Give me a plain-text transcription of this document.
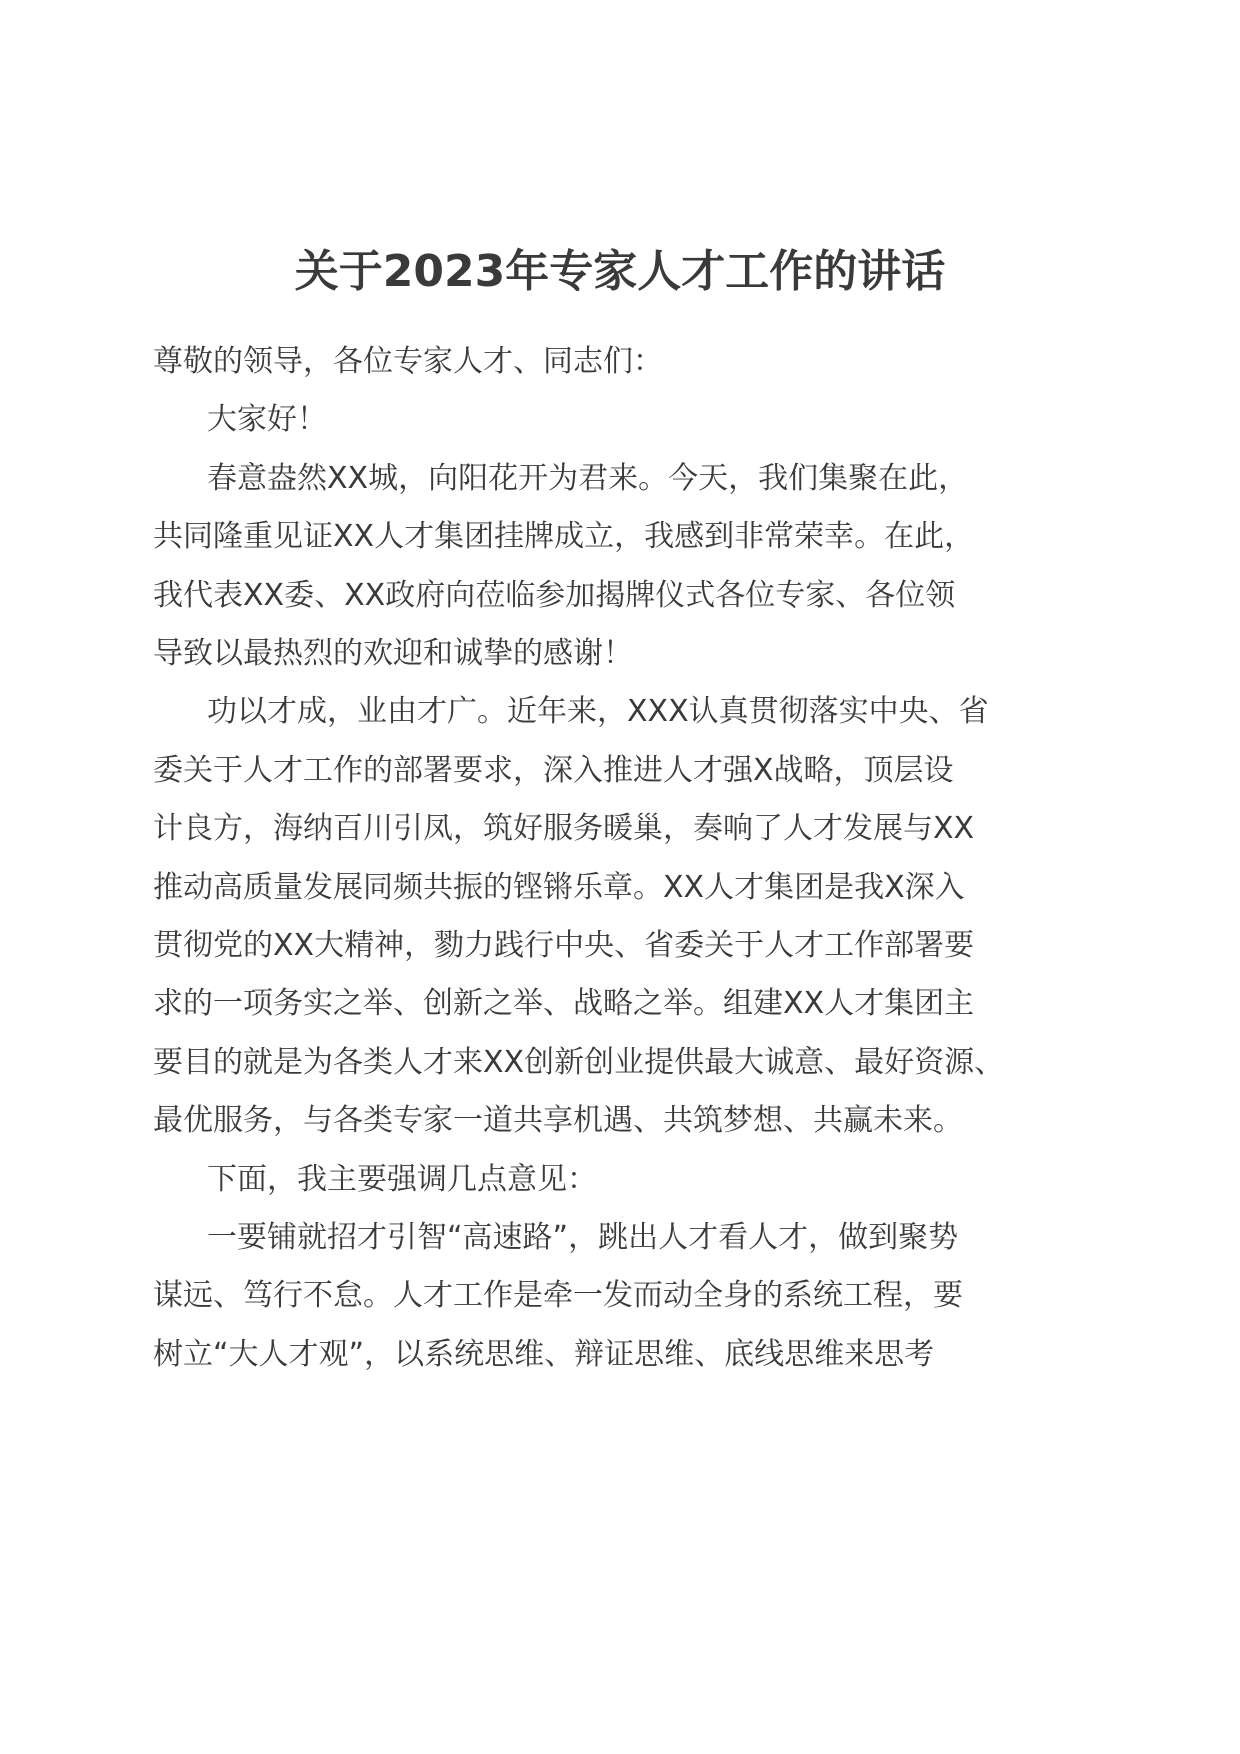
关于2023年专家人才工作的讲话
尊敬的领导，各位专家人才、同志们：
大家好！
春意盎然XX城，向阳花开为君来。今天，我们集聚在此，
共同隆重见证XX人才集团挂牌成立，我感到非常荣幸。在此，
我代表XX委、XX政府向莅临参加揭牌仪式各位专家、各位领
导致以最热烈的欢迎和诚挚的感谢！
功以才成，业由才广。近年来，XXX认真贯彻落实中央、省
委关于人才工作的部署要求，深入推进人才强X战略，顶层设
计良方，海纳百川引凤，筑好服务暖巢，奏响了人才发展与XX
推动高质量发展同频共振的铿锵乐章。XX人才集团是我X深入
贯彻党的XX大精神，勠力践行中央、省委关于人才工作部署要
求的一项务实之举、创新之举、战略之举。组建XX人才集团主
要目的就是为各类人才来XX创新创业提供最大诚意、最好资源、
最优服务，与各类专家一道共享机遇、共筑梦想、共赢未来。
下面，我主要强调几点意见：
一要铺就招才引智“高速路”，跳出人才看人才，做到聚势
谋远、笃行不怠。人才工作是牵一发而动全身的系统工程，要
树立“大人才观”，以系统思维、辩证思维、底线思维来思考
